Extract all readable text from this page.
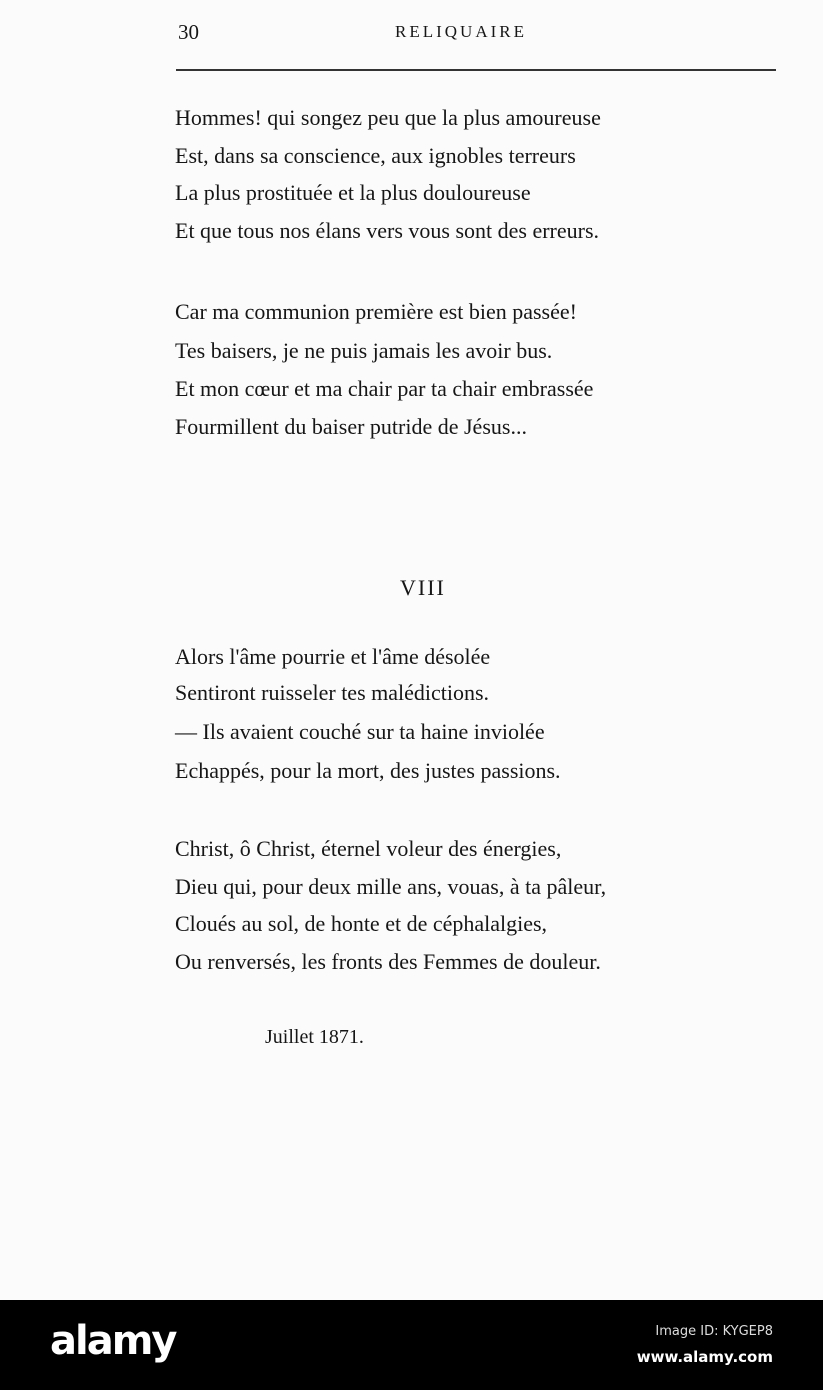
30	RELIQUAIRE
Hommes! qui songez peu que la plus amoureuse
Est, dans sa conscience, aux ignobles terreurs
La plus prostituée et la plus douloureuse
Et que tous nos élans vers vous sont des erreurs.
Car ma communion première est bien passée!
Tes baisers, je ne puis jamais les avoir bus.
Et mon cœur et ma chair par ta chair embrassée
Fourmillent du baiser putride de Jésus...
VIII
Alors l'âme pourrie et l'âme désolée
Sentiront ruisseler tes malédictions.
— Ils avaient couché sur ta haine inviolée
Echappés, pour la mort, des justes passions.
Christ, ô Christ, éternel voleur des énergies,
Dieu qui, pour deux mille ans, vouas, à ta pâleur,
Cloués au sol, de honte et de céphalalgies,
Ou renversés, les fronts des Femmes de douleur.
Juillet 1871.
alamy	Image ID: KYGEP8
www.alamy.com
